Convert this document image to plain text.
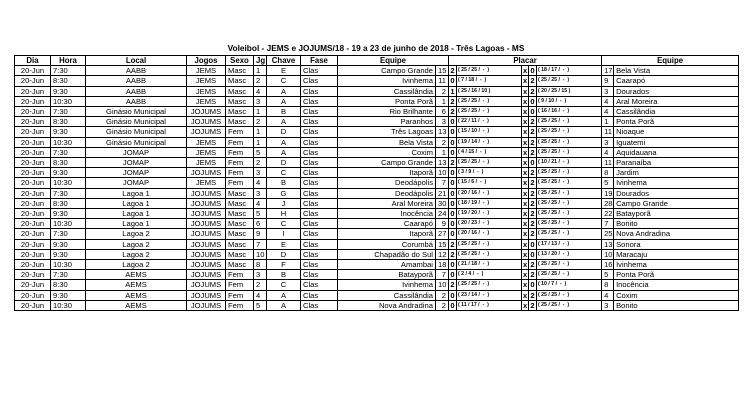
Voleibol - JEMS e JOJUMS/18 - 19 a 23 de junho de 2018 - Três Lagoas - MS
Dia	Hora	Local	Jogos	Sexo	Jg	Chave	Fase	Equipe		Placar					Equipe	
20-Jun	7:30	AABB	JEMS	Masc	1	E	Clas	Campo Grande	15	2	( 25 / 25 /  -  )	x	0	( 18 / 17 /  -  )	17	Bela Vista
20-Jun	8:30	AABB	JEMS	Masc	2	C	Clas	Ivinhema	11	0	( 7 / 18 /  -  )	x	2	( 25 / 25 /  -  )	9	Caarapó
20-Jun	9:30	AABB	JEMS	Masc	4	A	Clas	Cassilândia	2	1	( 25 / 16 / 10 )	x	2	( 20 / 25 / 15 )	3	Dourados
20-Jun	10:30	AABB	JEMS	Masc	3	A	Clas	Ponta Porã	1	2	( 25 / 25 /  -  )	x	0	( 9 / 10 /  -  )	4	Aral Moreira
20-Jun	7:30	Ginásio Municipal	JOJUMS	Masc	1	B	Clas	Rio Brilhante	6	2	( 25 / 25 /  -  )	x	0	( 16 / 16 /  -  )	4	Cassilândia
20-Jun	8:30	Ginásio Municipal	JOJUMS	Masc	2	A	Clas	Paranhos	3	0	( 22 / 11 /  -  )	x	2	( 25 / 25 /  -  )	1	Ponta Porã
20-Jun	9:30	Ginásio Municipal	JOJUMS	Fem	1	D	Clas	Três Lagoas	13	0	( 15 / 10 /  -  )	x	2	( 25 / 25 /  -  )	11	Nioaque
20-Jun	10:30	Ginásio Municipal	JEMS	Fem	1	A	Clas	Bela Vista	2	0	( 19 / 14 /  -  )	x	2	( 25 / 25 /  -  )	3	Iguatemi
20-Jun	7:30	JOMAP	JEMS	Fem	5	A	Clas	Coxim	1	0	( 4 / 15 /  -  )	x	2	( 25 / 25 /  -  )	4	Aquidauana
20-Jun	8:30	JOMAP	JEMS	Fem	2	D	Clas	Campo Grande	13	2	( 25 / 25 /  -  )	x	0	( 10 / 21 /  -  )	11	Paranaíba
20-Jun	9:30	JOMAP	JOJUMS	Fem	3	C	Clas	Itaporã	10	0	( 3 / 9 /  -  )	x	2	( 25 / 25 /  -  )	8	Jardim
20-Jun	10:30	JOMAP	JEMS	Fem	4	B	Clas	Deodápolis	7	0	( 15 / 6 /  -  )	x	2	( 25 / 25 /  -  )	5	Ivinhema
20-Jun	7:30	Lagoa 1	JOJUMS	Masc	3	G	Clas	Deodápolis	21	0	( 20 / 16 /  -  )	x	2	( 25 / 25 /  -  )	19	Dourados
20-Jun	8:30	Lagoa 1	JOJUMS	Masc	4	J	Clas	Aral Moreira	30	0	( 18 / 19 /  -  )	x	2	( 25 / 25 /  -  )	28	Campo Grande
20-Jun	9:30	Lagoa 1	JOJUMS	Masc	5	H	Clas	Inocência	24	0	( 19 / 20 /  -  )	x	2	( 25 / 25 /  -  )	22	Batayporã
20-Jun	10:30	Lagoa 1	JOJUMS	Masc	6	C	Clas	Caarapó	9	0	( 20 / 23 /  -  )	x	2	( 25 / 25 /  -  )	7	Bonito
20-Jun	7:30	Lagoa 2	JOJUMS	Masc	9	I	Clas	Itaporã	27	0	( 20 / 16 /  -  )	x	2	( 25 / 25 /  -  )	25	Nova Andradina
20-Jun	9:30	Lagoa 2	JOJUMS	Masc	7	E	Clas	Corumbá	15	2	( 25 / 25 /  -  )	x	0	( 17 / 13 /  -  )	13	Sonora
20-Jun	9:30	Lagoa 2	JOJUMS	Masc	10	D	Clas	Chapadão do Sul	12	2	( 25 / 25 /  -  )	x	0	( 13 / 20 /  -  )	10	Maracaju
20-Jun	10:30	Lagoa 2	JOJUMS	Masc	8	F	Clas	Amambai	18	0	( 21 / 18 /  -  )	x	2	( 25 / 25 /  -  )	16	Ivinhema
20-Jun	7:30	AEMS	JOJUMS	Fem	3	B	Clas	Batayporã	7	0	( 2 / 4 /  -  )	x	2	( 25 / 25 /  -  )	5	Ponta Porã
20-Jun	8:30	AEMS	JOJUMS	Fem	2	C	Clas	Ivinhema	10	2	( 25 / 25 /  -  )	x	0	( 10 / 7 /  -  )	8	Inocência
20-Jun	9:30	AEMS	JOJUMS	Fem	4	A	Clas	Cassilândia	2	0	( 23 / 14 /  -  )	x	2	( 25 / 25 /  -  )	4	Coxim
20-Jun	10:30	AEMS	JOJUMS	Fem	5	A	Clas	Nova Andradina	2	0	( 11 / 17 /  -  )	x	2	( 25 / 25 /  -  )	3	Bonito
